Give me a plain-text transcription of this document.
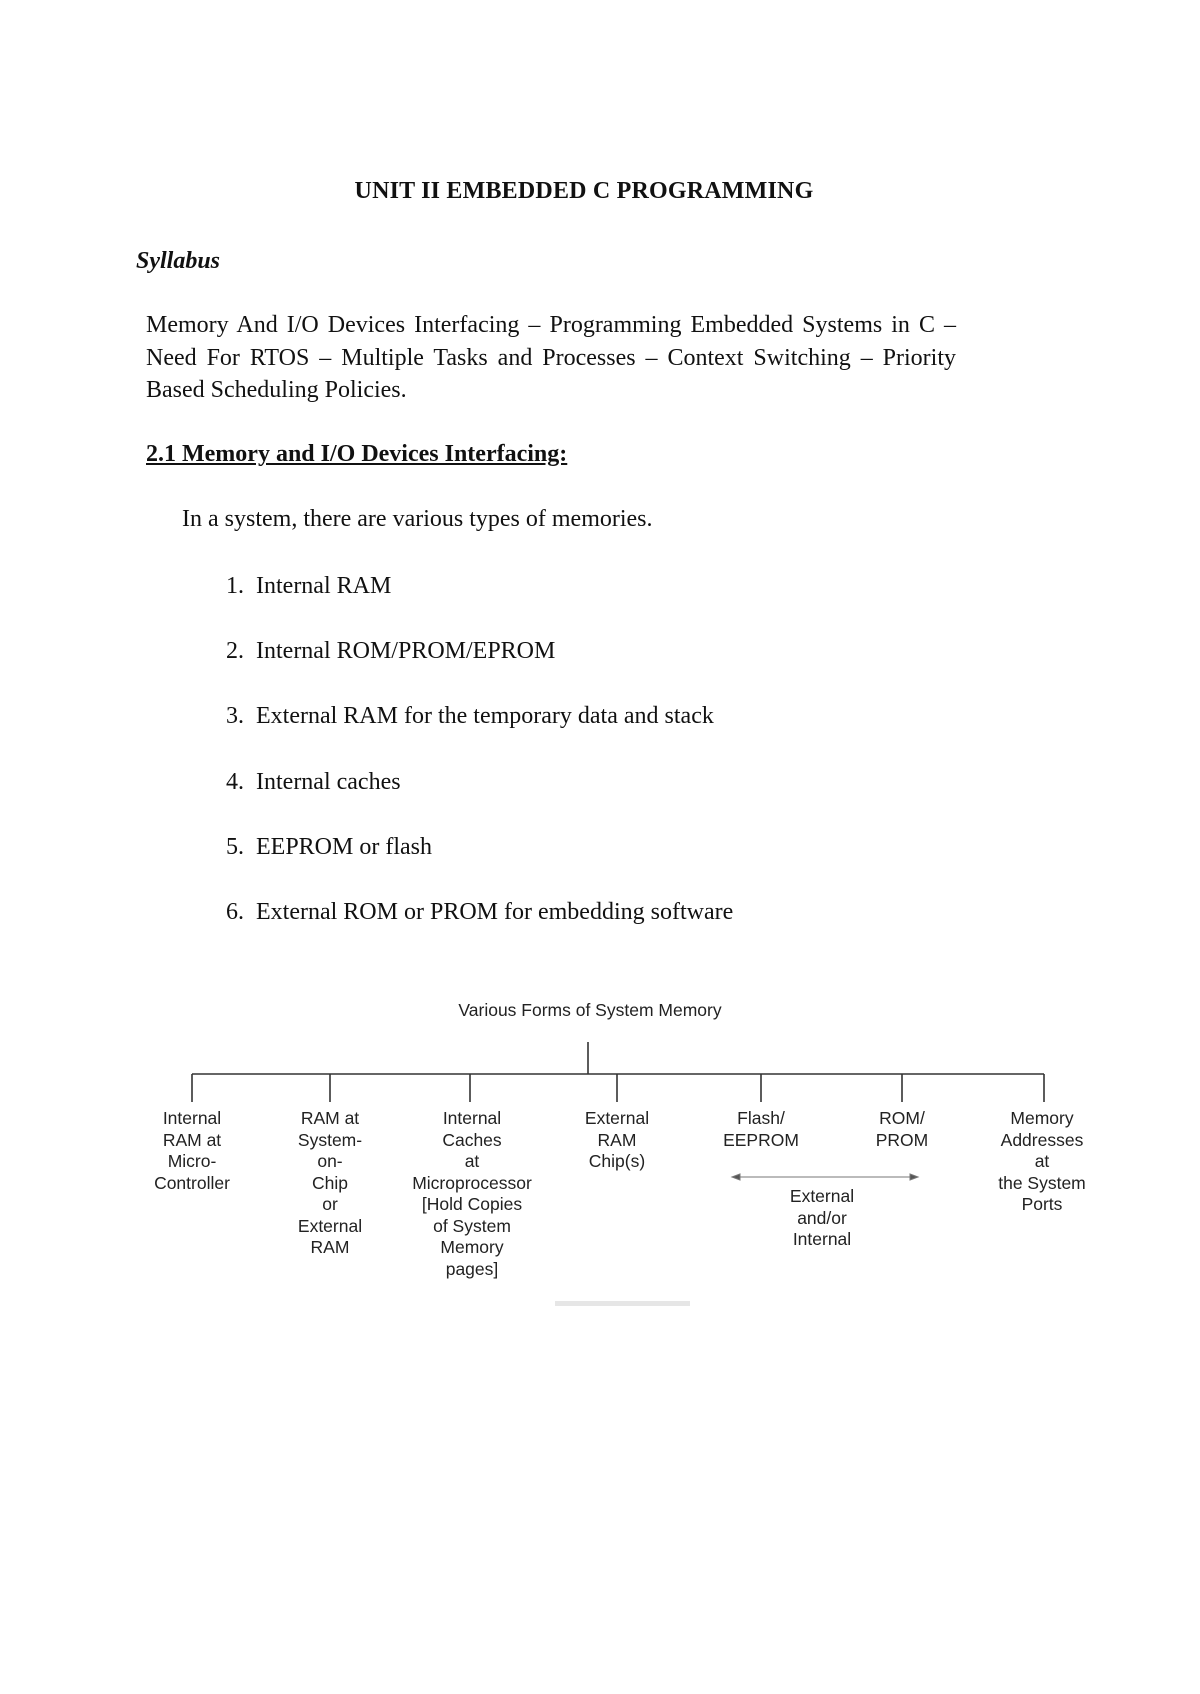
UNIT II EMBEDDED C PROGRAMMING
Syllabus
Memory And I/O Devices Interfacing – Programming Embedded Systems in C – Need For RTOS – Multiple Tasks and Processes – Context Switching – Priority Based Scheduling Policies.
2.1 Memory and I/O Devices Interfacing:
In a system, there are various types of memories.
1. Internal RAM
2. Internal ROM/PROM/EPROM
3. External RAM for the temporary data and stack
4. Internal caches
5. EEPROM or flash
6. External ROM or PROM for embedding software
Various Forms of System Memory
Internal
RAM at
Micro-
Controller
RAM at
System-
on-
Chip
or
External
RAM
Internal
Caches
at
Microprocessor
[Hold Copies
of System
Memory
pages]
External
RAM
Chip(s)
Flash/
EEPROM
ROM/
PROM
Memory
Addresses
at
the System
Ports
External
and/or
Internal
